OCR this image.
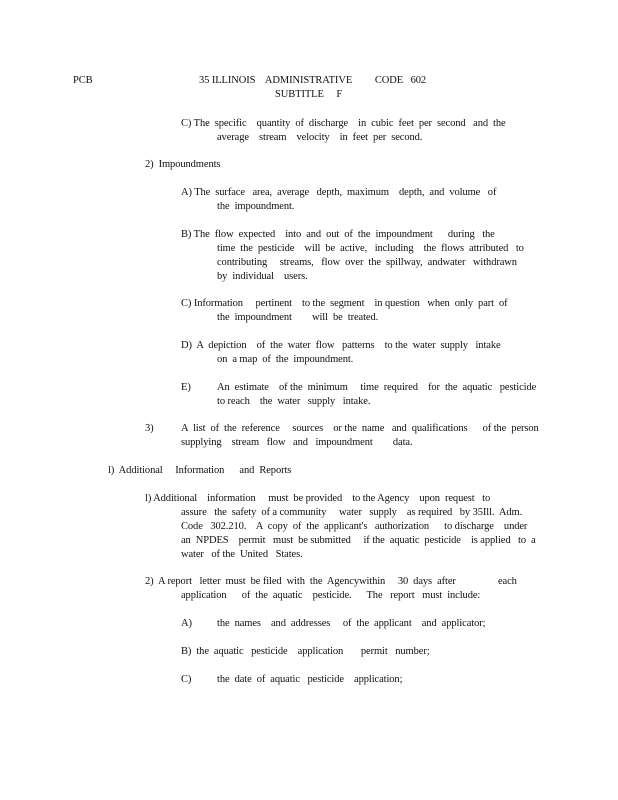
PCB	35 ILLINOIS    ADMINISTRATIVE         CODE   602
SUBTITLE     F
C) The  specific    quantity  of  discharge    in  cubic  feet  per  second   and  the
average    stream    velocity    in  feet  per  second.
2)  Impoundments
A) The  surface   area,  average   depth,  maximum    depth,  and  volume   of
the  impoundment.
B) The  flow  expected    into  and  out  of  the  impoundment      during   the
time  the  pesticide    will  be  active,   including    the  flows  attributed   to
contributing     streams,   flow  over  the  spillway,  andwater   withdrawn
by  individual    users.
C) Information     pertinent    to the  segment    in question   when  only  part  of
the  impoundment        will  be  treated.
D)  A  depiction    of  the  water  flow   patterns    to the  water  supply   intake
on  a map  of  the  impoundment.
E)	An  estimate    of the  minimum     time  required    for  the  aquatic   pesticide
to reach    the  water   supply   intake.
3)	A  list  of  the  reference     sources    or the  name   and  qualifications      of the  person
supplying    stream   flow   and   impoundment        data.
l)  Additional     Information      and  Reports
l) Additional    information     must  be provided    to the Agency    upon  request   to
assure   the  safety  of a community     water   supply    as required   by 35Ill.  Adm.
Code   302.210.    A  copy  of  the  applicant's   authorization      to discharge    under
an  NPDES    permit   must  be submitted     if the  aquatic  pesticide    is applied   to  a
water   of the  United   States.
2)  A report   letter  must  be filed  with  the  Agencywithin     30  days  after	each
application      of  the  aquatic    pesticide.      The   report   must  include:
A) the  names    and  addresses     of  the  applicant    and  applicator;
B)  the  aquatic   pesticide    application       permit   number;
C) the  date  of  aquatic   pesticide    application;
